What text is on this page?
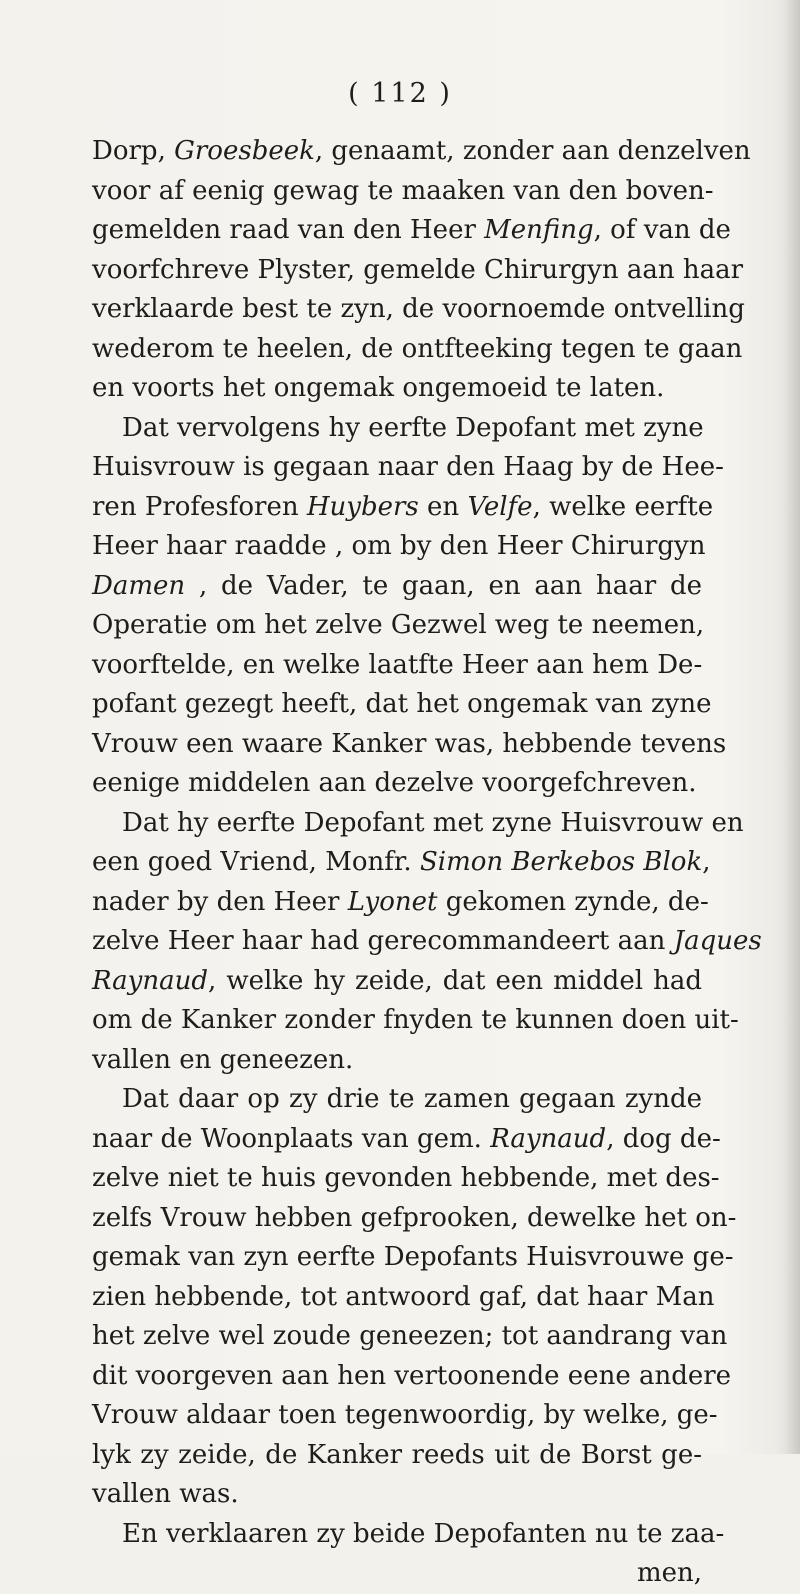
( 112 )
Dorp, Groesbeek, genaamt, zonder aan denzelven
voor af eenig gewag te maaken van den boven-
gemelden raad van den Heer Menfing, of van de
voorfchreve Plyster, gemelde Chirurgyn aan haar
verklaarde best te zyn, de voornoemde ontvelling
wederom te heelen, de ontfteeking tegen te gaan
en voorts het ongemak ongemoeid te laten.
Dat vervolgens hy eerfte Depofant met zyne
Huisvrouw is gegaan naar den Haag by de Hee-
ren Profesforen Huybers en Velfe, welke eerfte
Heer haar raadde , om by den Heer Chirurgyn
Damen , de Vader, te gaan, en aan haar de
Operatie om het zelve Gezwel weg te neemen,
voorftelde, en welke laatfte Heer aan hem De-
pofant gezegt heeft, dat het ongemak van zyne
Vrouw een waare Kanker was, hebbende tevens
eenige middelen aan dezelve voorgefchreven.
Dat hy eerfte Depofant met zyne Huisvrouw en
een goed Vriend, Monfr. Simon Berkebos Blok,
nader by den Heer Lyonet gekomen zynde, de-
zelve Heer haar had gerecommandeert aan Jaques
Raynaud, welke hy zeide, dat een middel had
om de Kanker zonder fnyden te kunnen doen uit-
vallen en geneezen.
Dat daar op zy drie te zamen gegaan zynde
naar de Woonplaats van gem. Raynaud, dog de-
zelve niet te huis gevonden hebbende, met des-
zelfs Vrouw hebben gefprooken, dewelke het on-
gemak van zyn eerfte Depofants Huisvrouwe ge-
zien hebbende, tot antwoord gaf, dat haar Man
het zelve wel zoude geneezen; tot aandrang van
dit voorgeven aan hen vertoonende eene andere
Vrouw aldaar toen tegenwoordig, by welke, ge-
lyk zy zeide, de Kanker reeds uit de Borst ge-
vallen was.
En verklaaren zy beide Depofanten nu te zaa-
men,
